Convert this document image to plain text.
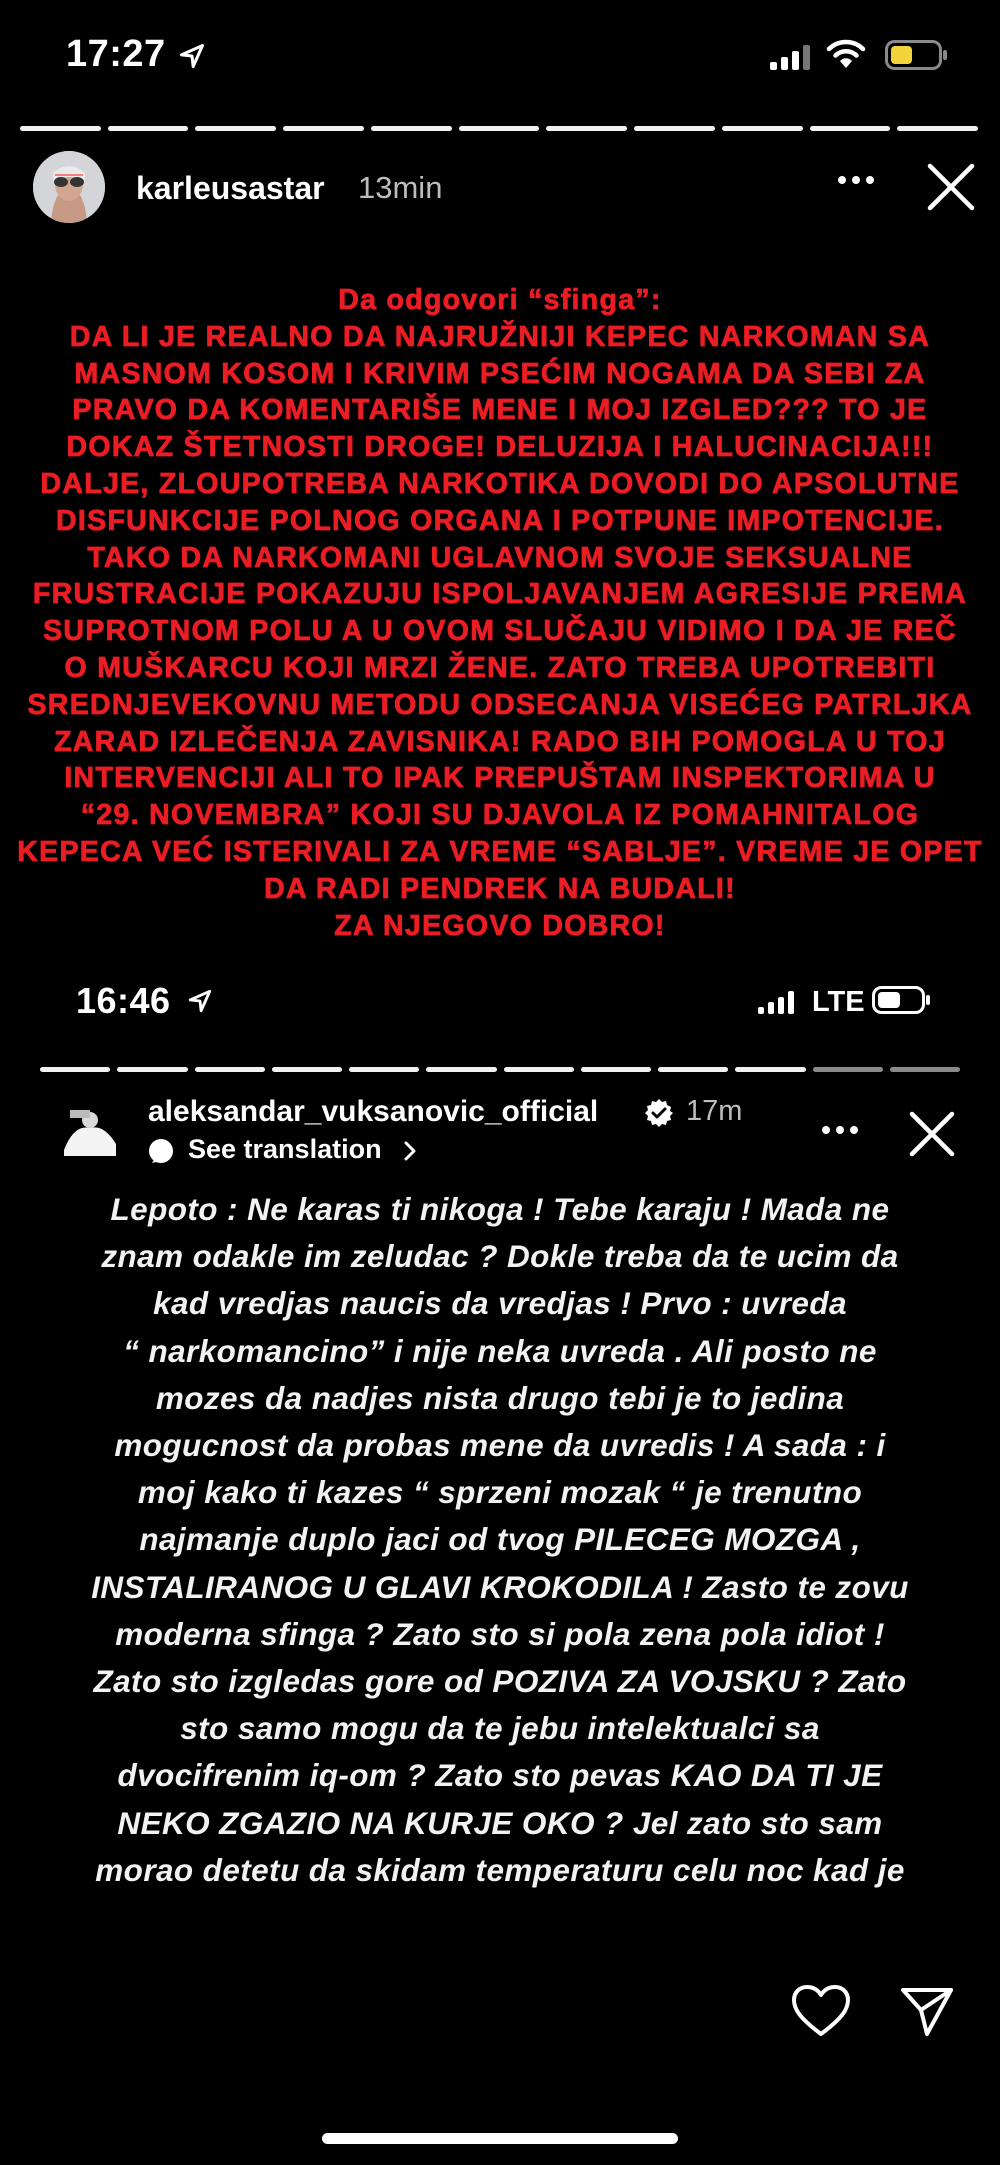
17:27
karleusastar 13min
Da odgovori “sfinga”:
DA LI JE REALNO DA NAJRUŽNIJI KEPEC NARKOMAN SA
MASNOM KOSOM I KRIVIM PSEĆIM NOGAMA DA SEBI ZA
PRAVO DA KOMENTARIŠE MENE I MOJ IZGLED??? TO JE
DOKAZ ŠTETNOSTI DROGE! DELUZIJA I HALUCINACIJA!!!
DALJE, ZLOUPOTREBA NARKOTIKA DOVODI DO APSOLUTNE
DISFUNKCIJE POLNOG ORGANA I POTPUNE IMPOTENCIJE.
TAKO DA NARKOMANI UGLAVNOM SVOJE SEKSUALNE
FRUSTRACIJE POKAZUJU ISPOLJAVANJEM AGRESIJE PREMA
SUPROTNOM POLU A U OVOM SLUČAJU VIDIMO I DA JE REČ
O MUŠKARCU KOJI MRZI ŽENE. ZATO TREBA UPOTREBITI
SREDNJEVEKOVNU METODU ODSECANJA VISEĆEG PATRLJKA
ZARAD IZLEČENJA ZAVISNIKA! RADO BIH POMOGLA U TOJ
INTERVENCIJI ALI TO IPAK PREPUŠTAM INSPEKTORIMA U
“29. NOVEMBRA” KOJI SU DJAVOLA IZ POMAHNITALOG
KEPECA VEĆ ISTERIVALI ZA VREME “SABLJE”. VREME JE OPET
DA RADI PENDREK NA BUDALI!
ZA NJEGOVO DOBRO!
16:46	LTE
aleksandar_vuksanovic_official	17m
See translation
Lepoto : Ne karas ti nikoga ! Tebe karaju ! Mada ne
znam odakle im zeludac ? Dokle treba da te ucim da
kad vredjas naucis da vredjas ! Prvo : uvreda
“ narkomancino” i nije neka uvreda . Ali posto ne
mozes da nadjes nista drugo tebi je to jedina
mogucnost da probas mene da uvredis ! A sada : i
moj kako ti kazes “ sprzeni mozak “ je trenutno
najmanje duplo jaci od tvog PILECEG MOZGA ,
INSTALIRANOG U GLAVI KROKODILA ! Zasto te zovu
moderna sfinga ? Zato sto si pola zena pola idiot !
Zato sto izgledas gore od POZIVA ZA VOJSKU ? Zato
sto samo mogu da te jebu intelektualci sa
dvocifrenim iq-om ? Zato sto pevas KAO DA TI JE
NEKO ZGAZIO NA KURJE OKO ? Jel zato sto sam
morao detetu da skidam temperaturu celu noc kad je
